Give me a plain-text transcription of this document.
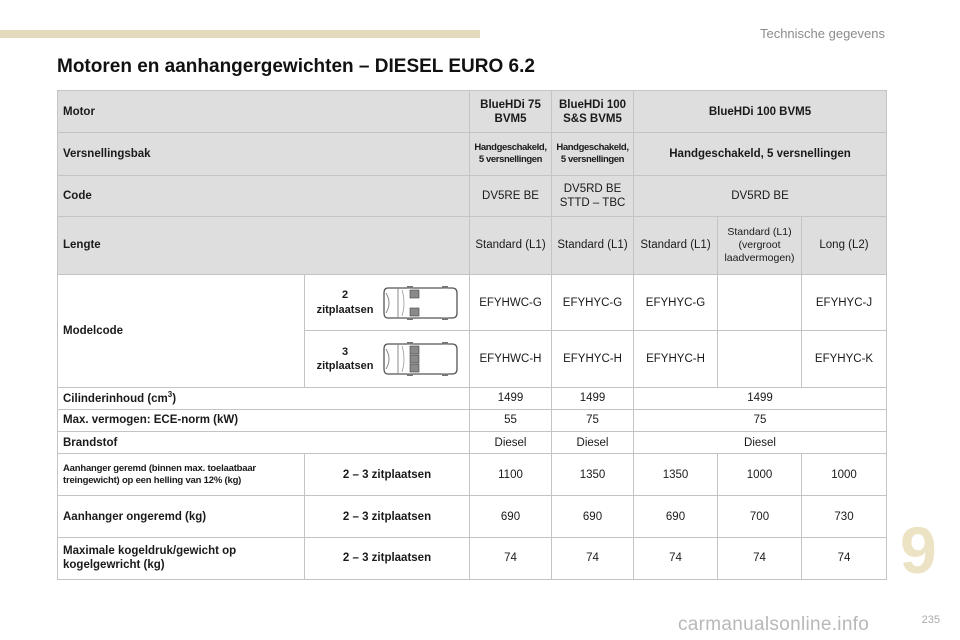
Technische gegevens
Motoren en aanhangergewichten – DIESEL EURO 6.2
Motor		BlueHDi 75 BVM5	BlueHDi 100 S&S BVM5	BlueHDi 100 BVM5		
Versnellingsbak		Handgeschakeld, 5 versnellingen	Handgeschakeld, 5 versnellingen	Handgeschakeld, 5 versnellingen		
Code		DV5RE BE	DV5RD BE STTD – TBC	DV5RD BE		
Lengte		Standard (L1)	Standard (L1)	Standard (L1)	Standard (L1) (vergroot laadvermogen)	Long (L2)
Modelcode	2 zitplaatsen	EFYHWC-G	EFYHYC-G	EFYHYC-G		EFYHYC-J

	3 zitplaatsen	EFYHWC-H	EFYHYC-H	EFYHYC-H		EFYHYC-K
Cilinderinhoud $(cm^3)$		1499	1499	1499		
Max. vermogen: ECE-norm (kW)		55	75	75		
Brandstof		Diesel	Diesel	Diesel		
Aanhanger geremd (binnen max. toelaatbaar treingewicht) op een helling van 12% (kg)	2 – 3 zitplaatsen	1100	1350	1350	1000	1000
Aanhanger ongeremd (kg)	2 – 3 zitplaatsen	690	690	690	700	730
Maximale kogeldruk/gewicht op kogelgewricht (kg)	2 – 3 zitplaatsen	74	74	74	74	74 9
carmanualsonline.info	235
